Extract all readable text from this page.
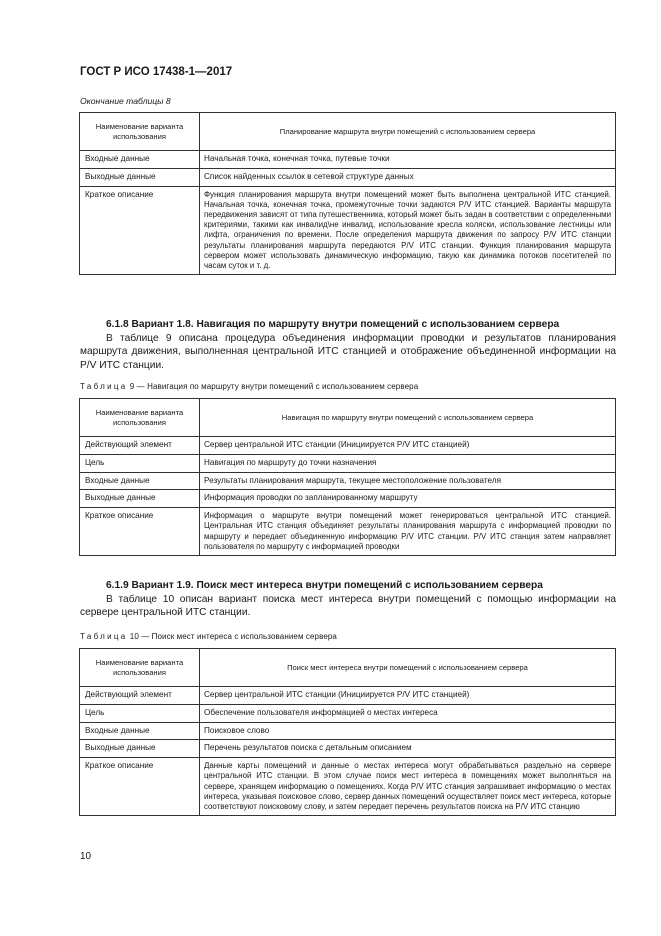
ГОСТ Р ИСО 17438-1—2017
Окончание таблицы 8
Наименование варианта использования	Планирование маршрута внутри помещений с использованием сервера
Входные данные	Начальная точка, конечная точка, путевые точки
Выходные данные	Список найденных ссылок в сетевой структуре данных
Краткое описание	Функция планирования маршрута внутри помещений может быть выполнена центральной ИТС станцией. Начальная точка, конечная точка, промежуточные точки задаются P/V ИТС станцией. Варианты маршрута передвижения зависят от типа путешественника, который может быть задан в соответствии с определенными критериями, такими как инвалид\не инвалид, использование кресла коляски, использование лестницы или лифта, ограничения по времени. После определения маршрута движения по запросу P/V ИТС станции результаты планирования маршрута передаются P/V ИТС станции. Функция планирования маршрута сервером может использовать динамическую информацию, такую как динамика потоков посетителей по часам суток и т. д.
6.1.8 Вариант 1.8. Навигация по маршруту внутри помещений с использованием сервера
В таблице 9 описана процедура объединения информации проводки и результатов планирования маршрута движения, выполненная центральной ИТС станцией и отображение объединенной информации на P/V ИТС станции.
Таблица 9 — Навигация по маршруту внутри помещений с использованием сервера
Наименование варианта использования	Навигация по маршруту внутри помещений с использованием сервера
Действующий элемент	Сервер центральной ИТС станции (Инициируется P/V ИТС станцией)
Цель	Навигация по маршруту до точки назначения
Входные данные	Результаты планирования маршрута, текущее местоположение пользователя
Выходные данные	Информация проводки по запланированному маршруту
Краткое описание	Информация о маршруте внутри помещений может генерироваться центральной ИТС станцией. Центральная ИТС станция объединяет результаты планирования маршрута с информацией проводки по маршруту и передает объединенную информацию P/V ИТС станции. P/V ИТС станция затем направляет пользователя по маршруту с информацией проводки
6.1.9 Вариант 1.9. Поиск мест интереса внутри помещений с использованием сервера
В таблице 10 описан вариант поиска мест интереса внутри помещений с помощью информации на сервере центральной ИТС станции.
Таблица 10 — Поиск мест интереса с использованием сервера
Наименование варианта использования	Поиск мест интереса внутри помещений с использованием сервера
Действующий элемент	Сервер центральной ИТС станции (Инициируется P/V ИТС станцией)
Цель	Обеспечение пользователя информацией о местах интереса
Входные данные	Поисковое слово
Выходные данные	Перечень результатов поиска с детальным описанием
Краткое описание	Данные карты помещений и данные о местах интереса могут обрабатываться раздельно на сервере центральной ИТС станции. В этом случае поиск мест интереса в помещениях может выполняться на сервере, хранящем информацию о помещениях. Когда P/V ИТС станция запрашивает информацию о местах интереса, указывая поисковое слово, сервер данных помещений осуществляет поиск мест интереса, которые соответствуют поисковому слову, и затем передает перечень результатов поиска на P/V ИТС станцию
10
